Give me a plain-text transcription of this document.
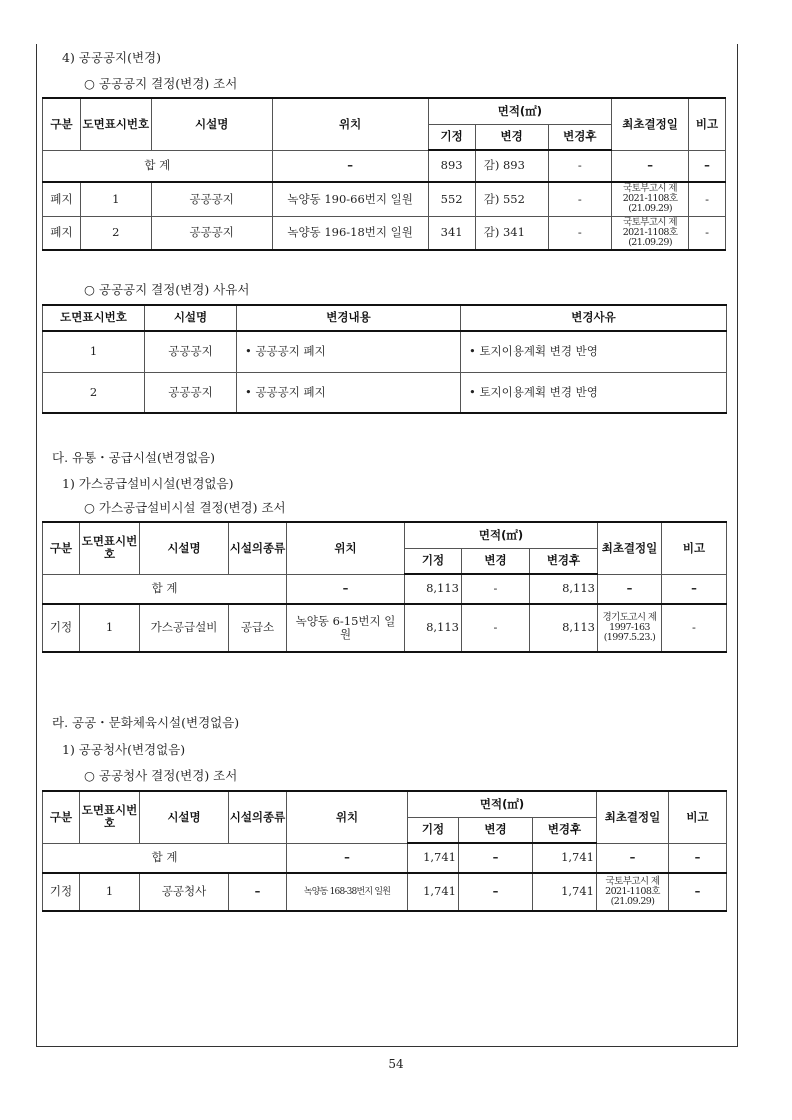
4) 공공공지(변경)
○ 공공공지 결정(변경) 조서
구분	도면표시번호	시설명	위치	면적(㎡)			최초결정일	비고
				기정	변경	변경후		
합 계			–	893	감) 893	-	–	–
폐지	1	공공공지	녹양동 190-66번지 일원	552	감) 552	-	국토부고시 제2021-1108호 (21.09.29)	-
폐지	2	공공공지	녹양동 196-18번지 일원	341	감) 341	-	국토부고시 제2021-1108호 (21.09.29)	-
○ 공공공지 결정(변경) 사유서
도면표시번호	시설명	변경내용	변경사유
1	공공공지	• 공공공지 폐지	• 토지이용계획 변경 반영
2	공공공지	• 공공공지 폐지	• 토지이용계획 변경 반영
다. 유통・공급시설(변경없음)
1) 가스공급설비시설(변경없음)
○ 가스공급설비시설 결정(변경) 조서
구분	도면표시번호	시설명	시설의종류	위치	면적(㎡)			최초결정일	비고
					기정	변경	변경후		
합 계				–	8,113	-	8,113	–	–
기정	1	가스공급설비	공급소	녹양동 6-15번지 일원	8,113	-	8,113	경기도고시 제1997-163 (1997.5.23.)	-
라. 공공・문화체육시설(변경없음)
1) 공공청사(변경없음)
○ 공공청사 결정(변경) 조서
구분	도면표시번호	시설명	시설의종류	위치	면적(㎡)			최초결정일	비고
					기정	변경	변경후		
합 계				–	1,741	–	1,741	–	–
기정	1	공공청사	–	녹양동 168-38번지 일원	1,741	–	1,741	국토부고시 제2021-1108호 (21.09.29)	–
54
